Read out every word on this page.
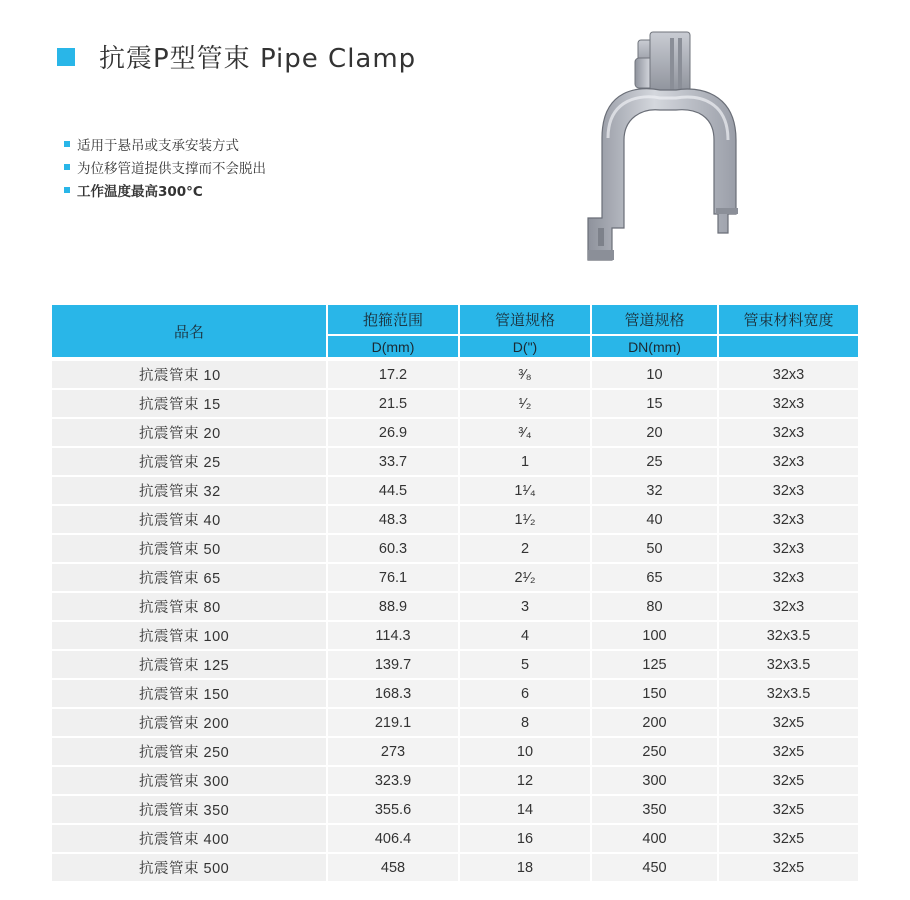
抗震P型管束 Pipe Clamp
适用于悬吊或支承安装方式
为位移管道提供支撑而不会脱出
工作温度最高300°C
品名	抱箍范围	管道规格	管道规格	管束材料宽度
	D(mm)	D(")	DN(mm)	
抗震管束 10	17.2	³⁄₈	10	32x3
抗震管束 15	21.5	¹⁄₂	15	32x3
抗震管束 20	26.9	³⁄₄	20	32x3
抗震管束 25	33.7	1	25	32x3
抗震管束 32	44.5	1¹⁄₄	32	32x3
抗震管束 40	48.3	1¹⁄₂	40	32x3
抗震管束 50	60.3	2	50	32x3
抗震管束 65	76.1	2¹⁄₂	65	32x3
抗震管束 80	88.9	3	80	32x3
抗震管束 100	114.3	4	100	32x3.5
抗震管束 125	139.7	5	125	32x3.5
抗震管束 150	168.3	6	150	32x3.5
抗震管束 200	219.1	8	200	32x5
抗震管束 250	273	10	250	32x5
抗震管束 300	323.9	12	300	32x5
抗震管束 350	355.6	14	350	32x5
抗震管束 400	406.4	16	400	32x5
抗震管束 500	458	18	450	32x5
